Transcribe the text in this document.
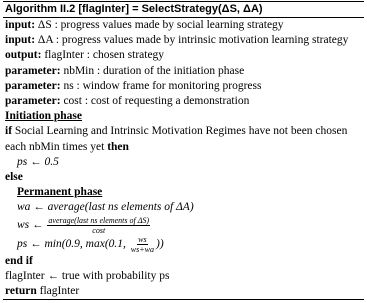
Algorithm II.2 [flagInter] = SelectStrategy(ΔS, ΔA)
input: ΔS : progress values made by social learning strategy
input: ΔA : progress values made by intrinsic motivation learning strategy
output: flagInter : chosen strategy
parameter: nbMin : duration of the initiation phase
parameter: ns : window frame for monitoring progress
parameter: cost : cost of requesting a demonstration
Initiation phase
if Social Learning and Intrinsic Motivation Regimes have not been chosen each nbMin times yet then
ps ← 0.5
else
Permanent phase
wa ← average(last ns elements of ΔA)
ws ← $\frac{\text{average(last ns elements of ΔS)}}{\cos t}$
ps ← min(0.9, max(0.1, $\frac{ws}{ws+wa}$ ))
end if
flagInter ← true with probability ps
return flagInter
